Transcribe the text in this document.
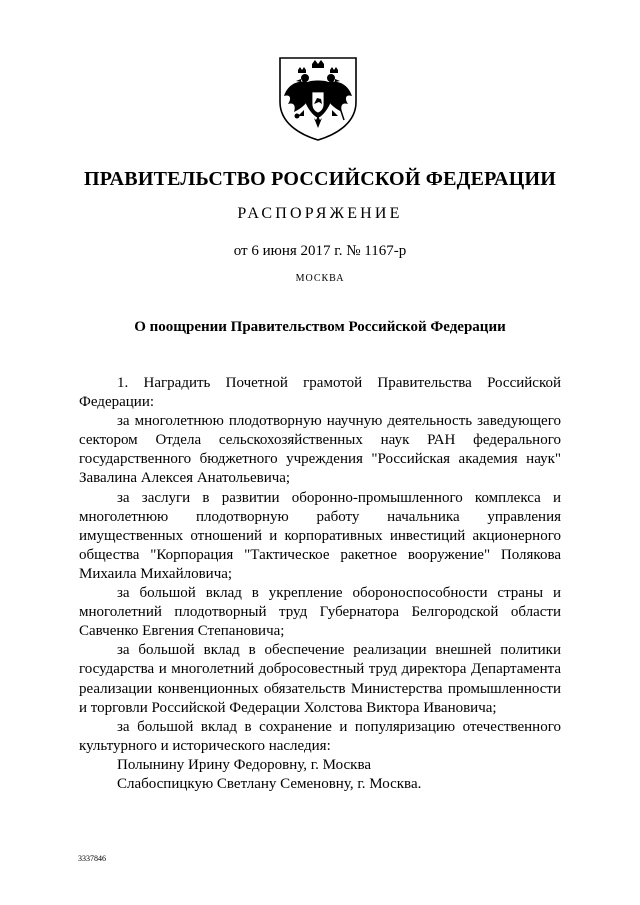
ПРАВИТЕЛЬСТВО РОССИЙСКОЙ ФЕДЕРАЦИИ
РАСПОРЯЖЕНИЕ
от 6 июня 2017 г. № 1167-р
МОСКВА
О поощрении Правительством Российской Федерации

1. Наградить Почетной грамотой Правительства Российской Федерации:

за многолетнюю плодотворную научную деятельность заведующего сектором Отдела сельскохозяйственных наук РАН федерального государственного бюджетного учреждения "Российская академия наук" Завалина Алексея Анатольевича;

за заслуги в развитии оборонно-промышленного комплекса и многолетнюю плодотворную работу начальника управления имущественных отношений и корпоративных инвестиций акционерного общества "Корпорация "Тактическое ракетное вооружение" Полякова Михаила Михайловича;

за большой вклад в укрепление обороноспособности страны и многолетний плодотворный труд Губернатора Белгородской области Савченко Евгения Степановича;

за большой вклад в обеспечение реализации внешней политики государства и многолетний добросовестный труд директора Департамента реализации конвенционных обязательств Министерства промышленности и торговли Российской Федерации Холстова Виктора Ивановича;

за большой вклад в сохранение и популяризацию отечественного культурного и исторического наследия:

Полынину Ирину Федоровну, г. Москва

Слабоспицкую Светлану Семеновну, г. Москва.

3337846
